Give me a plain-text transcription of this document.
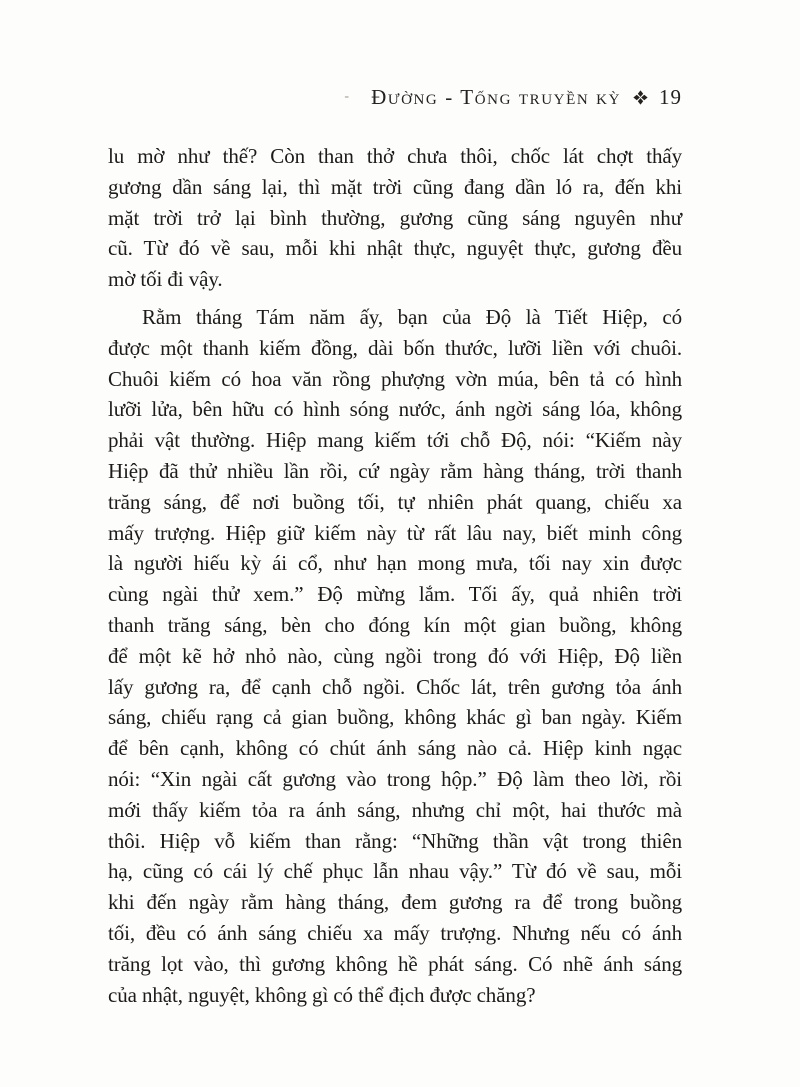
- Đường - Tống truyền kỳ 19
lu mờ như thế? Còn than thở chưa thôi, chốc lát chợt thấy
gương dần sáng lại, thì mặt trời cũng đang dần ló ra, đến khi
mặt trời trở lại bình thường, gương cũng sáng nguyên như
cũ. Từ đó về sau, mỗi khi nhật thực, nguyệt thực, gương đều
mờ tối đi vậy.
Rằm tháng Tám năm ấy, bạn của Độ là Tiết Hiệp, có
được một thanh kiếm đồng, dài bốn thước, lưỡi liền với chuôi.
Chuôi kiếm có hoa văn rồng phượng vờn múa, bên tả có hình
lưỡi lửa, bên hữu có hình sóng nước, ánh ngời sáng lóa, không
phải vật thường. Hiệp mang kiếm tới chỗ Độ, nói: “Kiếm này
Hiệp đã thử nhiều lần rồi, cứ ngày rằm hàng tháng, trời thanh
trăng sáng, để nơi buồng tối, tự nhiên phát quang, chiếu xa
mấy trượng. Hiệp giữ kiếm này từ rất lâu nay, biết minh công
là người hiếu kỳ ái cổ, như hạn mong mưa, tối nay xin được
cùng ngài thử xem.” Độ mừng lắm. Tối ấy, quả nhiên trời
thanh trăng sáng, bèn cho đóng kín một gian buồng, không
để một kẽ hở nhỏ nào, cùng ngồi trong đó với Hiệp, Độ liền
lấy gương ra, để cạnh chỗ ngồi. Chốc lát, trên gương tỏa ánh
sáng, chiếu rạng cả gian buồng, không khác gì ban ngày. Kiếm
để bên cạnh, không có chút ánh sáng nào cả. Hiệp kinh ngạc
nói: “Xin ngài cất gương vào trong hộp.” Độ làm theo lời, rồi
mới thấy kiếm tỏa ra ánh sáng, nhưng chỉ một, hai thước mà
thôi. Hiệp vỗ kiếm than rằng: “Những thần vật trong thiên
hạ, cũng có cái lý chế phục lẫn nhau vậy.” Từ đó về sau, mỗi
khi đến ngày rằm hàng tháng, đem gương ra để trong buồng
tối, đều có ánh sáng chiếu xa mấy trượng. Nhưng nếu có ánh
trăng lọt vào, thì gương không hề phát sáng. Có nhẽ ánh sáng
của nhật, nguyệt, không gì có thể địch được chăng?
